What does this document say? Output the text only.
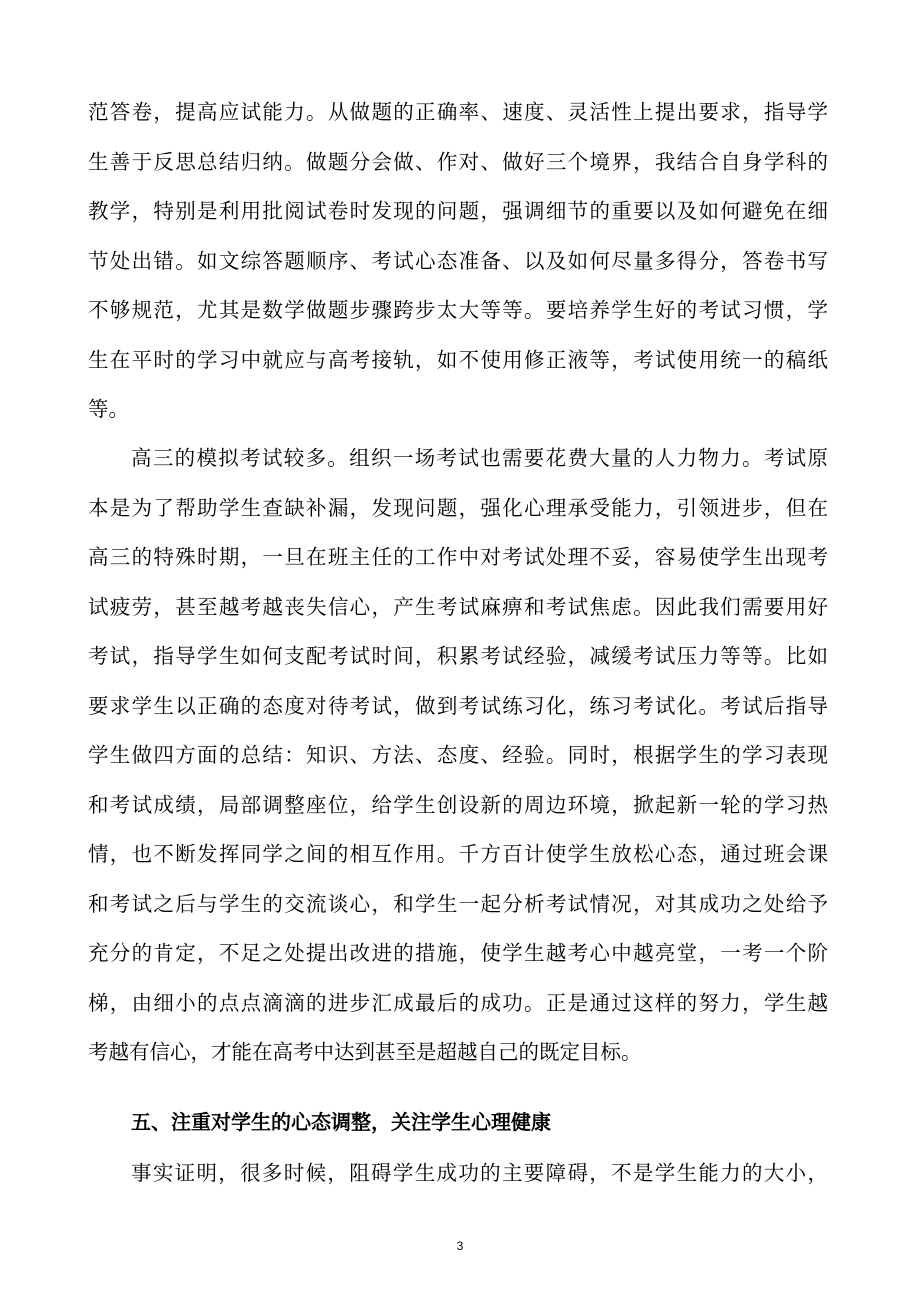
范答卷，提高应试能力。从做题的正确率、速度、灵活性上提出要求，指导学
生善于反思总结归纳。做题分会做、作对、做好三个境界，我结合自身学科的
教学，特别是利用批阅试卷时发现的问题，强调细节的重要以及如何避免在细
节处出错。如文综答题顺序、考试心态准备、以及如何尽量多得分，答卷书写
不够规范，尤其是数学做题步骤跨步太大等等。要培养学生好的考试习惯，学
生在平时的学习中就应与高考接轨，如不使用修正液等，考试使用统一的稿纸
等。
高三的模拟考试较多。组织一场考试也需要花费大量的人力物力。考试原
本是为了帮助学生查缺补漏，发现问题，强化心理承受能力，引领进步，但在
高三的特殊时期，一旦在班主任的工作中对考试处理不妥，容易使学生出现考
试疲劳，甚至越考越丧失信心，产生考试麻痹和考试焦虑。因此我们需要用好
考试，指导学生如何支配考试时间，积累考试经验，减缓考试压力等等。比如
要求学生以正确的态度对待考试，做到考试练习化，练习考试化。考试后指导
学生做四方面的总结：知识、方法、态度、经验。同时，根据学生的学习表现
和考试成绩，局部调整座位，给学生创设新的周边环境，掀起新一轮的学习热
情，也不断发挥同学之间的相互作用。千方百计使学生放松心态，通过班会课
和考试之后与学生的交流谈心，和学生一起分析考试情况，对其成功之处给予
充分的肯定，不足之处提出改进的措施，使学生越考心中越亮堂，一考一个阶
梯，由细小的点点滴滴的进步汇成最后的成功。正是通过这样的努力，学生越
考越有信心，才能在高考中达到甚至是超越自己的既定目标。
五、注重对学生的心态调整，关注学生心理健康
事实证明，很多时候，阻碍学生成功的主要障碍，不是学生能力的大小，
3
